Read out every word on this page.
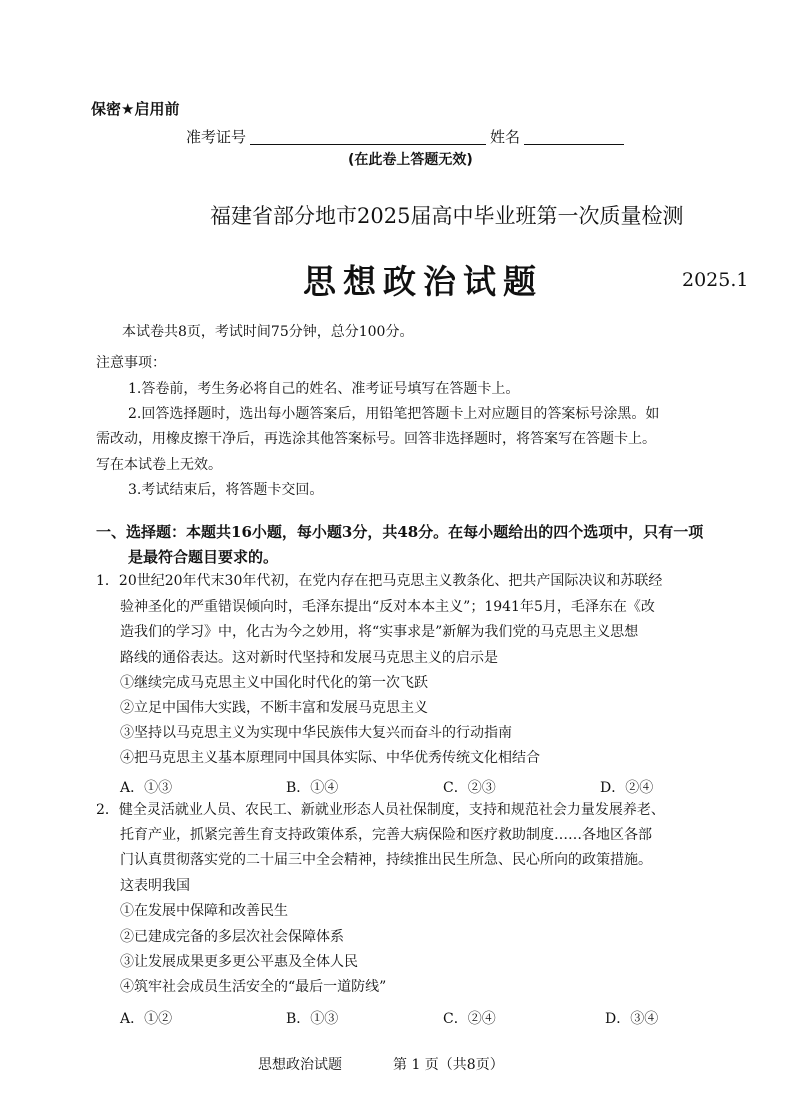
保密★启用前
准考证号	姓名
(在此卷上答题无效)
福建省部分地市2025届高中毕业班第一次质量检测
思想政治试题	2025.1
本试卷共8页，考试时间75分钟，总分100分。
注意事项：
1.答卷前，考生务必将自己的姓名、准考证号填写在答题卡上。
2.回答选择题时，选出每小题答案后，用铅笔把答题卡上对应题目的答案标号涂黑。如
需改动，用橡皮擦干净后，再选涂其他答案标号。回答非选择题时，将答案写在答题卡上。
写在本试卷上无效。
3.考试结束后，将答题卡交回。
一、选择题：本题共16小题，每小题3分，共48分。在每小题给出的四个选项中，只有一项
是最符合题目要求的。
1．20世纪20年代末30年代初，在党内存在把马克思主义教条化、把共产国际决议和苏联经
验神圣化的严重错误倾向时，毛泽东提出“反对本本主义”；1941年5月，毛泽东在《改
造我们的学习》中，化古为今之妙用，将“实事求是”新解为我们党的马克思主义思想
路线的通俗表达。这对新时代坚持和发展马克思主义的启示是
①继续完成马克思主义中国化时代化的第一次飞跃
②立足中国伟大实践，不断丰富和发展马克思主义
③坚持以马克思主义为实现中华民族伟大复兴而奋斗的行动指南
④把马克思主义基本原理同中国具体实际、中华优秀传统文化相结合
A．①③	B．①④	C．②③	D．②④
2．健全灵活就业人员、农民工、新就业形态人员社保制度，支持和规范社会力量发展养老、
托育产业，抓紧完善生育支持政策体系，完善大病保险和医疗救助制度……各地区各部
门认真贯彻落实党的二十届三中全会精神，持续推出民生所急、民心所向的政策措施。
这表明我国
①在发展中保障和改善民生
②已建成完备的多层次社会保障体系
③让发展成果更多更公平惠及全体人民
④筑牢社会成员生活安全的“最后一道防线”
A．①②	B．①③	C．②④	D．③④
思想政治试题	第 1 页（共8页）
